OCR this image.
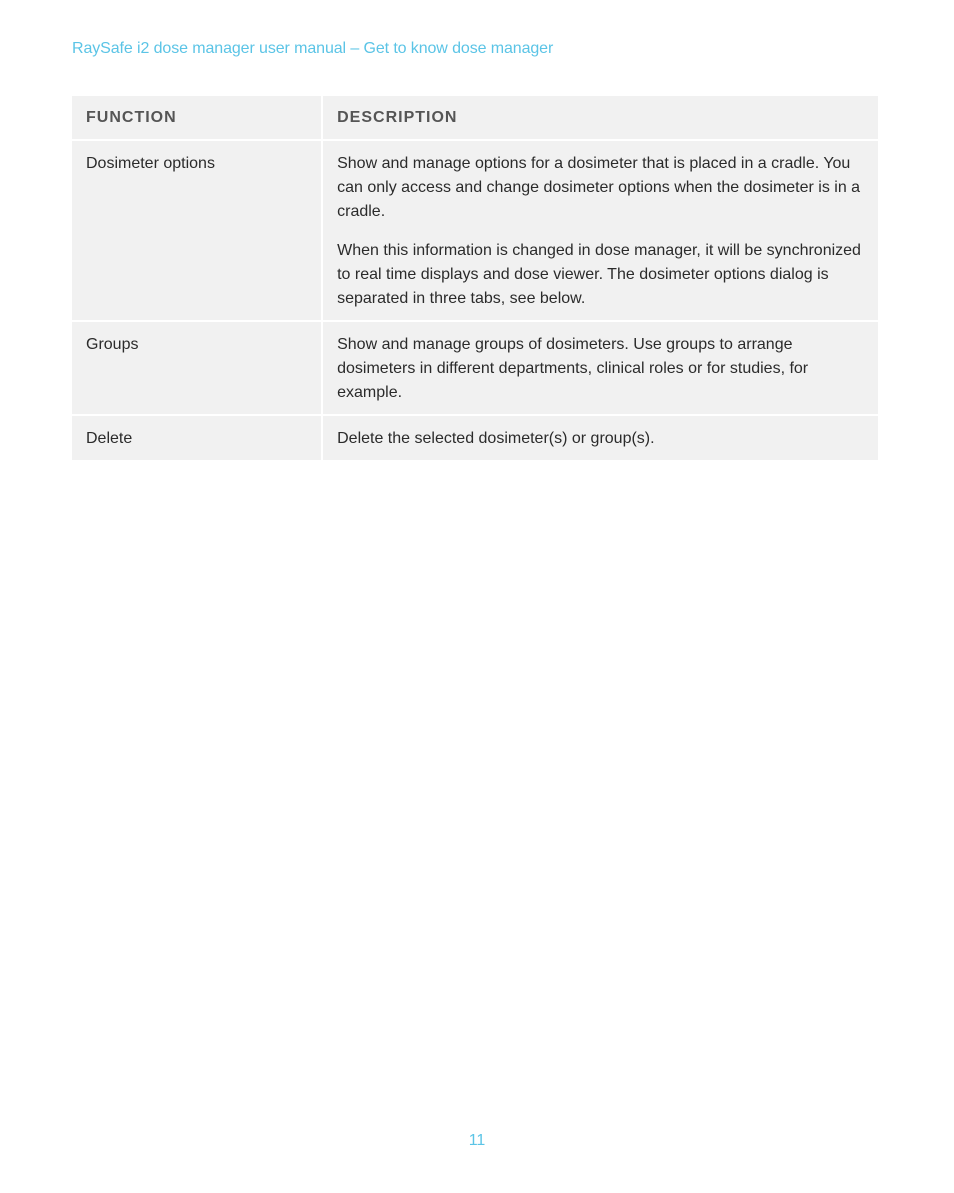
RaySafe i2 dose manager user manual – Get to know dose manager
FUNCTION	DESCRIPTION
Dosimeter options	Show and manage options for a dosimeter that is placed in a cradle. You can only access and change dosimeter options when the dosimeter is in a cradle.

When this information is changed in dose manager, it will be synchronized to real time displays and dose viewer. The dosimeter options dialog is separated in three tabs, see below.

Groups	Show and manage groups of dosimeters. Use groups to arrange dosimeters in different departments, clinical roles or for studies, for example.

Delete	Delete the selected dosimeter(s) or group(s).

11
